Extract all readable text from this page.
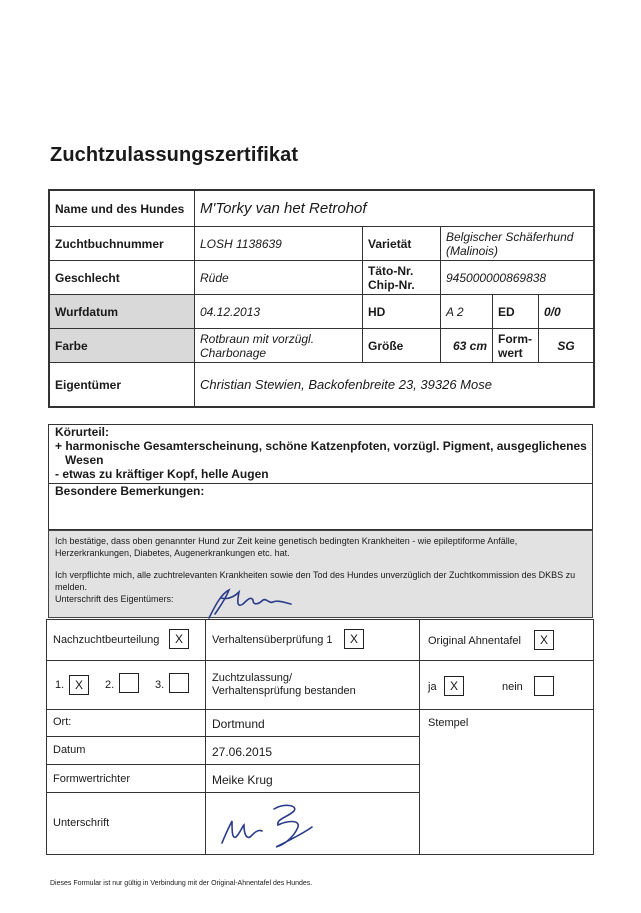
Zuchtzulassungszertifikat
Name und des Hundes	M'Torky van het Retrohof				
Zuchtbuchnummer	LOSH 1138639	Varietät	Belgischer Schäferhund (Malinois)		
Geschlecht	Rüde	Täto-Nr. Chip-Nr.	945000000869838		
Wurfdatum	04.12.2013	HD	A 2	ED	0/0
Farbe	Rotbraun mit vorzügl. Charbonage	Größe	63 cm	Form-wert	SG
Eigentümer	Christian Stewien, Backofenbreite 23, 39326 Mose				
Körurteil:
+ harmonische Gesamterscheinung, schöne Katzenpfoten, vorzügl. Pigment, ausgeglichenes
Wesen
- etwas zu kräftiger Kopf, helle Augen
Besondere Bemerkungen:
Ich bestätige, dass oben genannter Hund zur Zeit keine genetisch bedingten Krankheiten - wie epileptiforme Anfälle, Herzerkrankungen, Diabetes, Augenerkrankungen etc. hat.
Ich verpflichte mich, alle zuchtrelevanten Krankheiten sowie den Tod des Hundes unverzüglich der Zuchtkommission des DKBS zu melden.
Unterschrift des Eigentümers:
Nachzuchtbeurteilung	X	Verhaltensüberprüfung 1	X	Original Ahnentafel	X
1. X	2.	3.
Zuchtzulassung/
Verhaltensprüfung bestanden	ja	X	nein
Ort:	Dortmund	Stempel
Datum	27.06.2015
Formwertrichter	Meike Krug
Unterschrift
Dieses Formular ist nur gültig in Verbindung mit der Original-Ahnentafel des Hundes.
